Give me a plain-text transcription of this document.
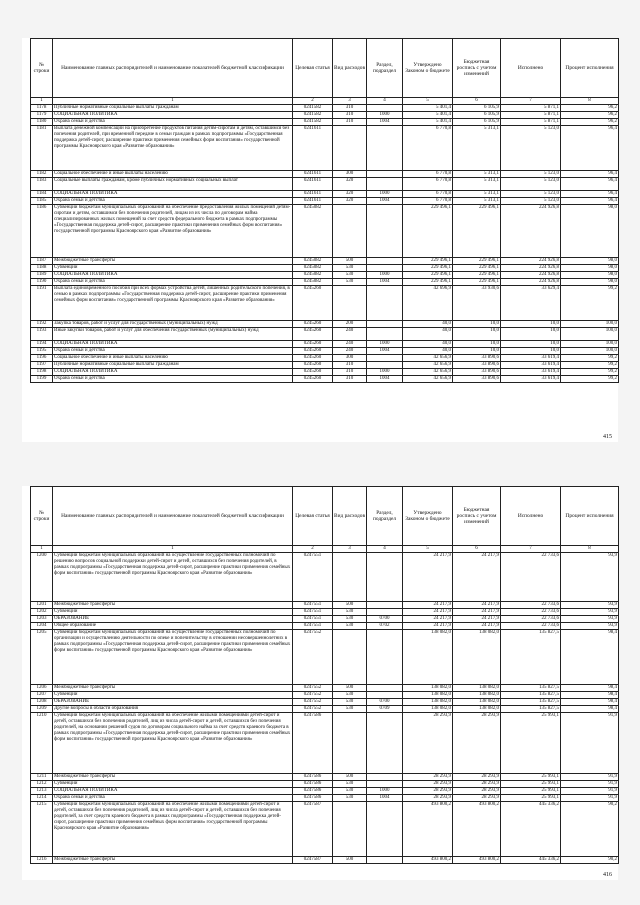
№ строки	Наименование главных распорядителей и наименование показателей бюджетной классификации	Целевая статья	Вид расходов	Раздел, подраздел	Утверждено Законом о бюджете	Бюджетная роспись с учетом изменений	Исполнено	Процент исполнения
1	1	2	3	4	5	6	7	8
1178	Публичные нормативные социальные выплаты гражданам	0241582	310		5 401,4	6 105,9	5 871,1	96,2
1179	СОЦИАЛЬНАЯ ПОЛИТИКА	0241582	310	1000	5 401,4	6 105,9	5 871,1	96,2
1180	Охрана семьи и детства	0241582	310	1004	5 401,4	6 105,9	5 871,1	96,2
1181	Выплата денежной компенсации на приобретение продуктов питания детям-сиротам и детям, оставшимся без попечения родителей, при временной передаче в семьи граждан в рамках подпрограммы «Государственная поддержка детей-сирот, расширение практики применения семейных форм воспитания» государственной программы Красноярского края «Развитие образования»	0241611			6 770,8	5 313,1	5 123,0	96,4
1182	Социальное обеспечение и иные выплаты населению	0241611	300		6 770,8	5 313,1	5 123,0	96,4
1183	Социальные выплаты гражданам, кроме публичных нормативных социальных выплат	0241611	320		6 770,8	5 313,1	5 123,0	96,4
1184	СОЦИАЛЬНАЯ ПОЛИТИКА	0241611	320	1000	6 770,8	5 313,1	5 123,0	96,4
1185	Охрана семьи и детства	0241611	320	1004	6 770,8	5 313,1	5 123,0	96,4
1186	Субвенции бюджетам муниципальных образований на обеспечение предоставления жилых помещений детям-сиротам и детям, оставшимся без попечения родителей, лицам из их числа по договорам найма специализированных жилых помещений за счет средств федерального бюджета в рамках подпрограммы «Государственная поддержка детей-сирот, расширение практики применения семейных форм воспитания» государственной программы Красноярского края «Развитие образования»	0245082			229 496,1	229 496,1	224 926,8	98,0
1187	Межбюджетные трансферты	0245082	500		229 496,1	229 496,1	224 926,8	98,0
1188	Субвенции	0245082	530		229 496,1	229 496,1	224 926,8	98,0
1189	СОЦИАЛЬНАЯ ПОЛИТИКА	0245082	530	1000	229 496,1	229 496,1	224 926,8	98,0
1190	Охрана семьи и детства	0245082	530	1004	229 496,1	229 496,1	224 926,8	98,0
1191	Выплата единовременного пособия при всех формах устройства детей, лишенных родительского попечения, в семью в рамках подпрограммы «Государственная поддержка детей-сирот, расширение практики применения семейных форм воспитания» государственной программы Красноярского края «Развитие образования»	0245260			42 696,9	33 930,6	33 629,4	99,2
1192	Закупка товаров, работ и услуг для государственных (муниципальных) нужд	0245260	200		40,0	10,0	10,0	100,0
1193	Иные закупки товаров, работ и услуг для обеспечения государственных (муниципальных) нужд	0245260	240		40,0	10,0	10,0	100,0
1194	СОЦИАЛЬНАЯ ПОЛИТИКА	0245260	240	1000	40,0	10,0	10,0	100,0
1195	Охрана семьи и детства	0245260	240	1004	40,0	10,0	10,0	100,0
1196	Социальное обеспечение и иные выплаты населению	0245260	300		42 656,9	33 890,6	33 619,4	99,2
1197	Публичные нормативные социальные выплаты гражданам	0245260	310		42 656,9	33 890,6	33 619,4	99,2
1198	СОЦИАЛЬНАЯ ПОЛИТИКА	0245260	310	1000	42 656,9	33 890,6	33 619,4	99,2
1199	Охрана семьи и детства	0245260	310	1004	42 656,9	33 890,6	33 619,4	99,2
415
№ строки	Наименование главных распорядителей и наименование показателей бюджетной классификации	Целевая статья	Вид расходов	Раздел, подраздел	Утверждено Законом о бюджете	Бюджетная роспись с учетом изменений	Исполнено	Процент исполнения
1	1	2	3	4	5	6	7	8
1200	Субвенции бюджетам муниципальных образований на осуществление государственных полномочий по решению вопросов социальной поддержки детей-сирот и детей, оставшихся без попечения родителей, в рамках подпрограммы «Государственная поддержка детей-сирот, расширение практики применения семейных форм воспитания» государственной программы Красноярского края «Развитие образования»	0247551			24 217,9	24 217,9	22 733,6	93,9
1201	Межбюджетные трансферты	0247551	500		24 217,9	24 217,9	22 733,6	93,9
1202	Субвенции	0247551	530		24 217,9	24 217,9	22 733,6	93,9
1203	ОБРАЗОВАНИЕ	0247551	530	0700	24 217,9	24 217,9	22 733,6	93,9
1204	Общее образование	0247551	530	0702	24 217,9	24 217,9	22 733,6	93,9
1205	Субвенции бюджетам муниципальных образований на осуществление государственных полномочий по организации и осуществлению деятельности по опеке и попечительству в отношении несовершеннолетних в рамках подпрограммы «Государственная поддержка детей-сирот, расширение практики применения семейных форм воспитания» государственной программы Красноярского края «Развитие образования»	0247552			138 082,0	138 082,0	135 827,5	98,4
1206	Межбюджетные трансферты	0247552	500		138 082,0	138 082,0	135 827,5	98,4
1207	Субвенции	0247552	530		138 082,0	138 082,0	135 827,5	98,4
1208	ОБРАЗОВАНИЕ	0247552	530	0700	138 082,0	138 082,0	135 827,5	98,4
1209	Другие вопросы в области образования	0247552	530	0709	138 082,0	138 082,0	135 827,5	98,4
1210	Субвенции бюджетам муниципальных образований на обеспечение жилыми помещениями детей-сирот и детей, оставшихся без попечения родителей, лиц из числа детей-сирот и детей, оставшихся без попечения родителей, на основании решений судов по договорам социального найма за счет средств краевого бюджета в рамках подпрограммы «Государственная поддержка детей-сирот, расширение практики применения семейных форм воспитания» государственной программы Красноярского края «Развитие образования»	0247586			28 293,9	28 293,9	25 993,1	91,9
1211	Межбюджетные трансферты	0247586	500		28 293,9	28 293,9	25 993,1	91,9
1212	Субвенции	0247586	530		28 293,9	28 293,9	25 993,1	91,9
1213	СОЦИАЛЬНАЯ ПОЛИТИКА	0247586	530	1000	28 293,9	28 293,9	25 993,1	91,9
1214	Охрана семьи и детства	0247586	530	1004	28 293,9	28 293,9	25 993,1	91,9
1215	Субвенции бюджетам муниципальных образований на обеспечение жилыми помещениями детей-сирот и детей, оставшихся без попечения родителей, лиц из числа детей-сирот и детей, оставшихся без попечения родителей, за счет средств краевого бюджета в рамках подпрограммы «Государственная поддержка детей-сирот, расширение практики применения семейных форм воспитания» государственной программы Красноярского края «Развитие образования»	0247587			493 800,2	493 800,2	445 336,2	90,2
1216	Межбюджетные трансферты	0247587	500		493 800,2	493 800,2	445 336,2	90,2
416
